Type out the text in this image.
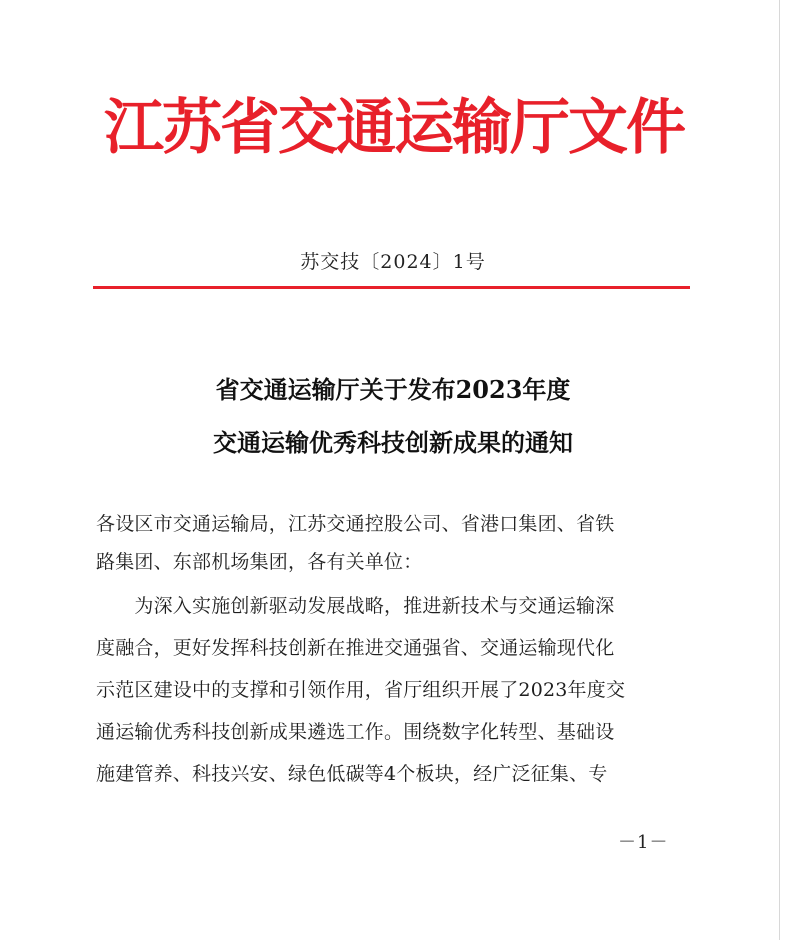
江苏省交通运输厅文件
苏交技〔2024〕1号
省交通运输厅关于发布2023年度
交通运输优秀科技创新成果的通知
各设区市交通运输局，江苏交通控股公司、省港口集团、省铁
路集团、东部机场集团，各有关单位：
　　为深入实施创新驱动发展战略，推进新技术与交通运输深
度融合，更好发挥科技创新在推进交通强省、交通运输现代化
示范区建设中的支撑和引领作用，省厅组织开展了2023年度交
通运输优秀科技创新成果遴选工作。围绕数字化转型、基础设
施建管养、科技兴安、绿色低碳等4个板块，经广泛征集、专
－1－
